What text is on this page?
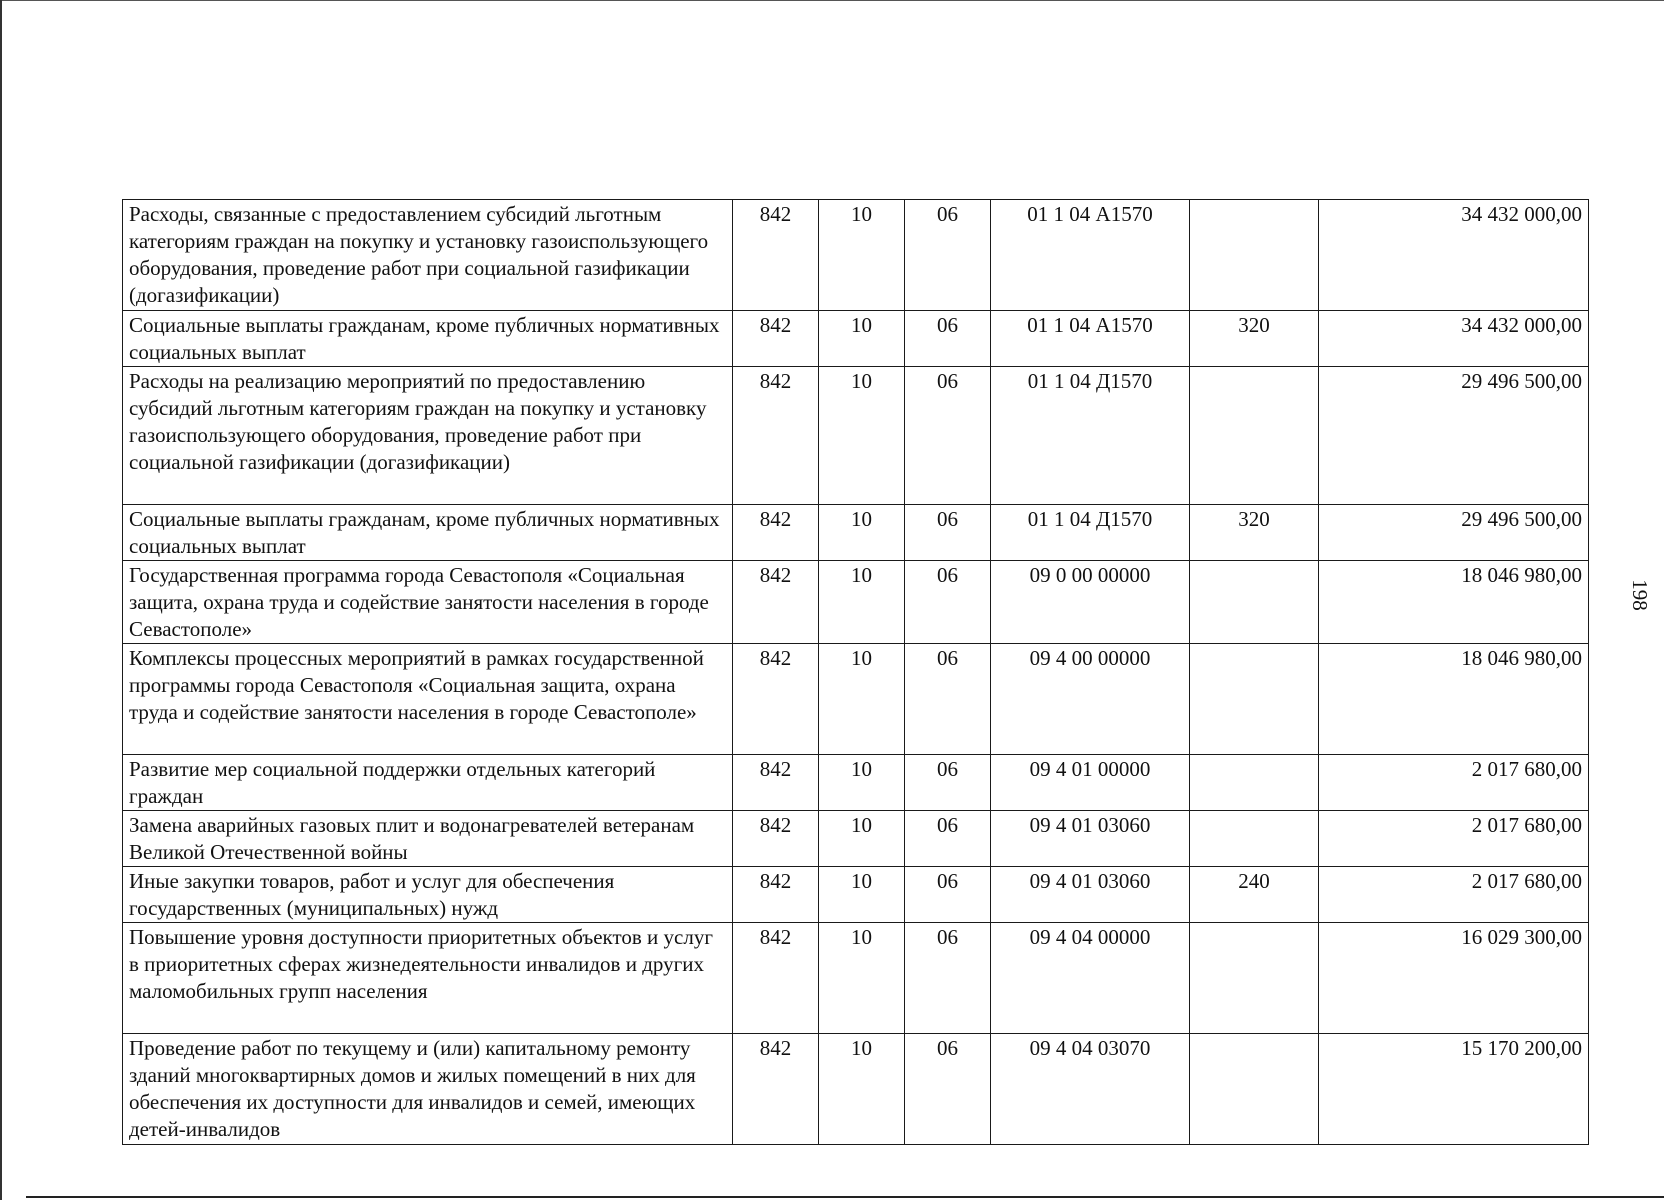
198
Расходы, связанные с предоставлением субсидий льготным категориям граждан на покупку и установку газоиспользующего оборудования, проведение работ при социальной газификации (догазификации)	842	10	06	01 1 04 А1570		34 432 000,00
Социальные выплаты гражданам, кроме публичных нормативных социальных выплат	842	10	06	01 1 04 А1570	320	34 432 000,00
Расходы на реализацию мероприятий по предоставлению субсидий льготным категориям граждан на покупку и установку газоиспользующего оборудования, проведение работ при социальной газификации (догазификации)	842	10	06	01 1 04 Д1570		29 496 500,00
Социальные выплаты гражданам, кроме публичных нормативных социальных выплат	842	10	06	01 1 04 Д1570	320	29 496 500,00
Государственная программа города Севастополя «Социальная защита, охрана труда и содействие занятости населения в городе Севастополе»	842	10	06	09 0 00 00000		18 046 980,00
Комплексы процессных мероприятий в рамках государственной программы города Севастополя «Социальная защита, охрана труда и содействие занятости населения в городе Севастополе»	842	10	06	09 4 00 00000		18 046 980,00
Развитие мер социальной поддержки отдельных категорий граждан	842	10	06	09 4 01 00000		2 017 680,00
Замена аварийных газовых плит и водонагревателей ветеранам Великой Отечественной войны	842	10	06	09 4 01 03060		2 017 680,00
Иные закупки товаров, работ и услуг для обеспечения государственных (муниципальных) нужд	842	10	06	09 4 01 03060	240	2 017 680,00
Повышение уровня доступности приоритетных объектов и услуг в приоритетных сферах жизнедеятельности инвалидов и других маломобильных групп населения	842	10	06	09 4 04 00000		16 029 300,00
Проведение работ по текущему и (или) капитальному ремонту зданий многоквартирных домов и жилых помещений в них для обеспечения их доступности для инвалидов и семей, имеющих детей-инвалидов	842	10	06	09 4 04 03070		15 170 200,00
